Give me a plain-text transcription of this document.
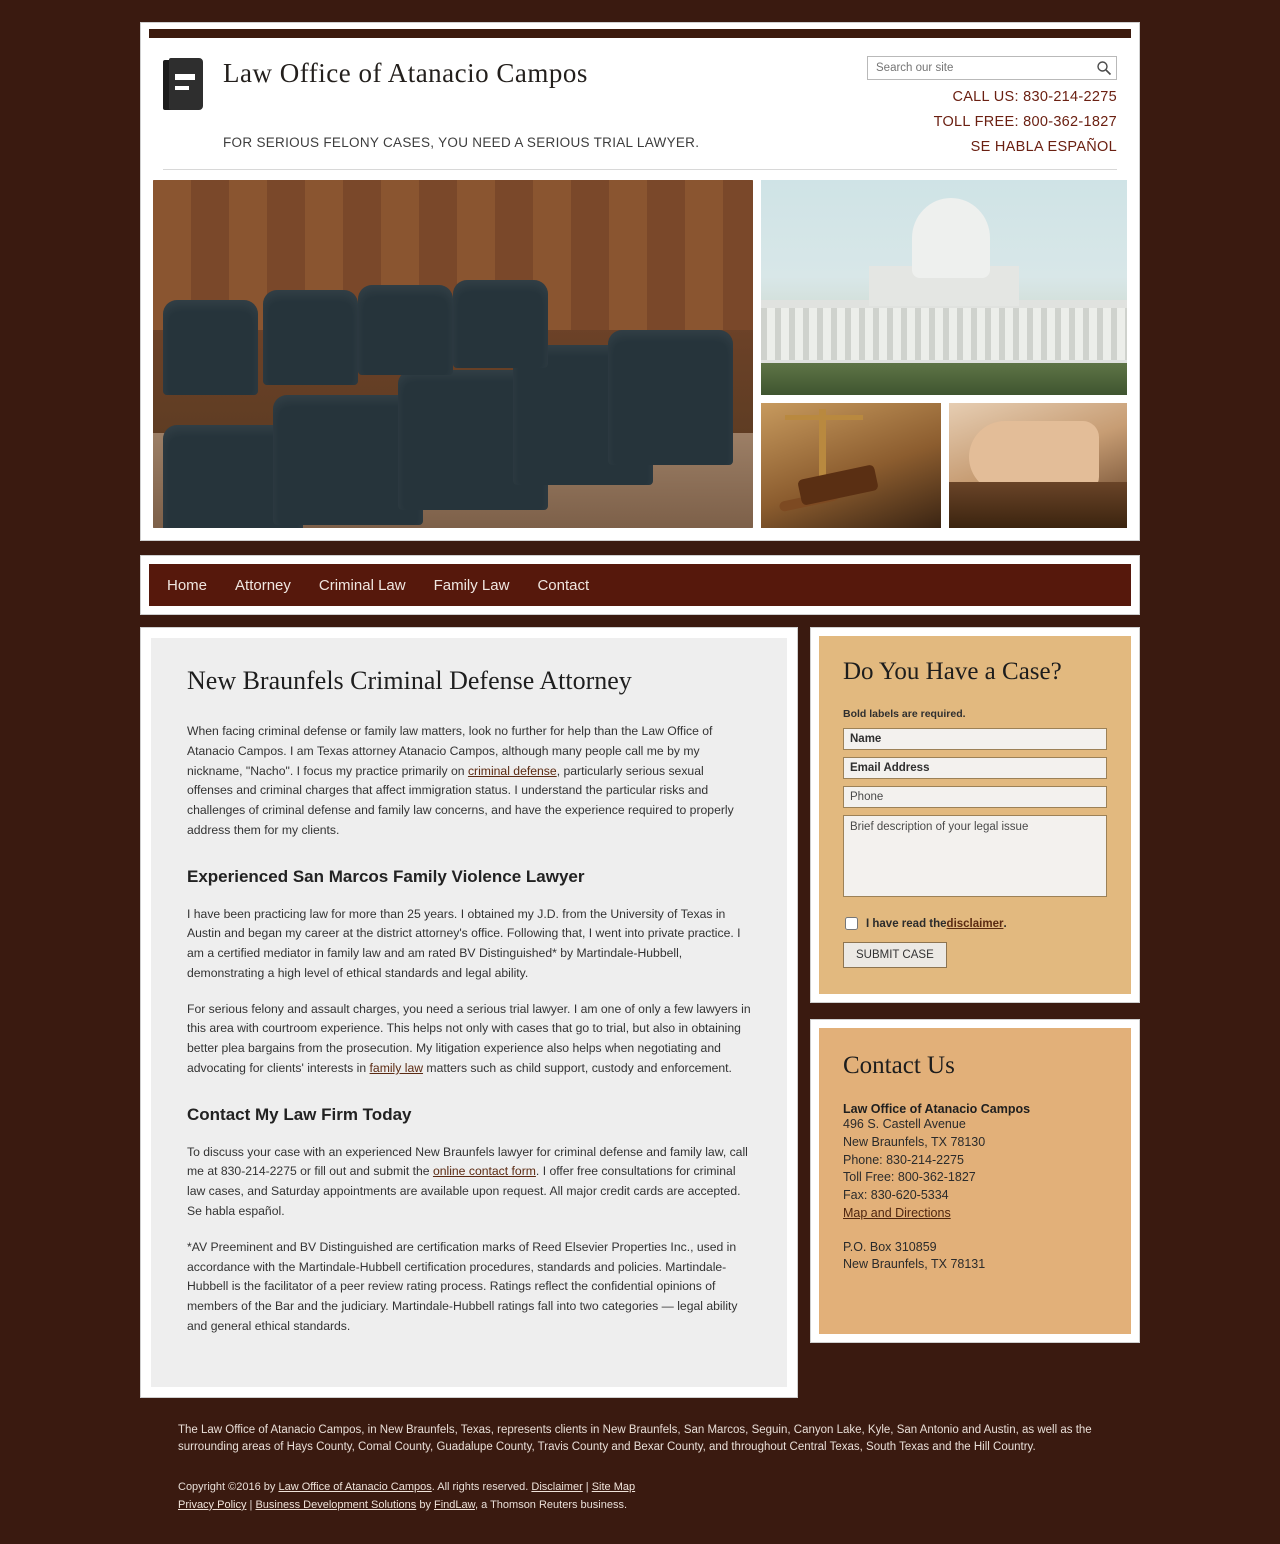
Law Office of Atanacio Campos
FOR SERIOUS FELONY CASES, YOU NEED A SERIOUS TRIAL LAWYER.
Search our site
CALL US: 830-214-2275
TOLL FREE: 800-362-1827
SE HABLA ESPAÑOL
Home Attorney Criminal Law Family Law Contact
New Braunfels Criminal Defense Attorney

When facing criminal defense or family law matters, look no further for help than the Law Office of Atanacio Campos. I am Texas attorney Atanacio Campos, although many people call me by my nickname, "Nacho". I focus my practice primarily on criminal defense, particularly serious sexual offenses and criminal charges that affect immigration status. I understand the particular risks and challenges of criminal defense and family law concerns, and have the experience required to properly address them for my clients.

Experienced San Marcos Family Violence Lawyer

I have been practicing law for more than 25 years. I obtained my J.D. from the University of Texas in Austin and began my career at the district attorney's office. Following that, I went into private practice. I am a certified mediator in family law and am rated BV Distinguished* by Martindale-Hubbell, demonstrating a high level of ethical standards and legal ability.

For serious felony and assault charges, you need a serious trial lawyer. I am one of only a few lawyers in this area with courtroom experience. This helps not only with cases that go to trial, but also in obtaining better plea bargains from the prosecution. My litigation experience also helps when negotiating and advocating for clients' interests in family law matters such as child support, custody and enforcement.

Contact My Law Firm Today

To discuss your case with an experienced New Braunfels lawyer for criminal defense and family law, call me at 830-214-2275 or fill out and submit the online contact form. I offer free consultations for criminal law cases, and Saturday appointments are available upon request. All major credit cards are accepted. Se habla español.

*AV Preeminent and BV Distinguished are certification marks of Reed Elsevier Properties Inc., used in accordance with the Martindale-Hubbell certification procedures, standards and policies. Martindale-Hubbell is the facilitator of a peer review rating process. Ratings reflect the confidential opinions of members of the Bar and the judiciary. Martindale-Hubbell ratings fall into two categories — legal ability and general ethical standards.

Do You Have a Case?
Bold labels are required.
Name Email Address Phone Brief description of your legal issue
I have read the disclaimer .
SUBMIT CASE
Contact Us
Law Office of Atanacio Campos
496 S. Castell Avenue
New Braunfels, TX 78130
Phone: 830-214-2275
Toll Free: 800-362-1827
Fax: 830-620-5334
Map and Directions
P.O. Box 310859
New Braunfels, TX 78131
The Law Office of Atanacio Campos, in New Braunfels, Texas, represents clients in New Braunfels, San Marcos, Seguin, Canyon Lake, Kyle, San Antonio and Austin, as well as the surrounding areas of Hays County, Comal County, Guadalupe County, Travis County and Bexar County, and throughout Central Texas, South Texas and the Hill Country.
Copyright ©2016 by Law Office of Atanacio Campos. All rights reserved. Disclaimer | Site Map
Privacy Policy | Business Development Solutions by FindLaw, a Thomson Reuters business.
